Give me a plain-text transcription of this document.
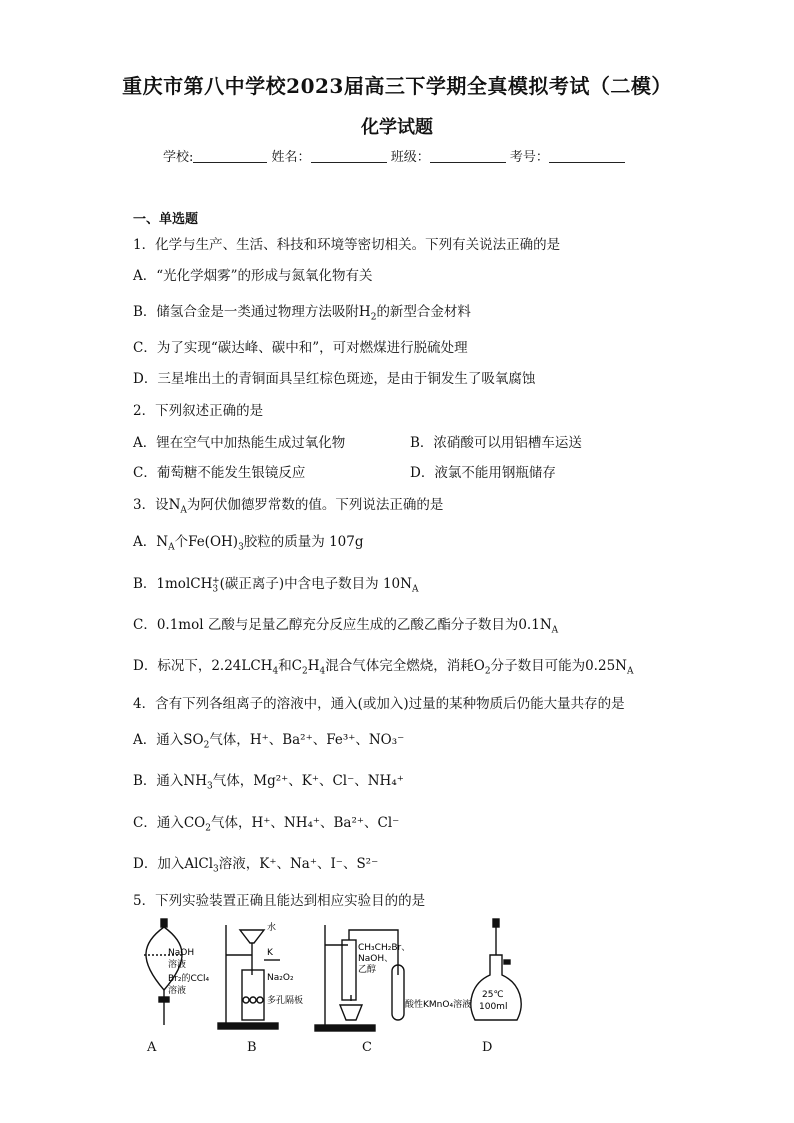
重庆市第八中学校2023届高三下学期全真模拟考试（二模）
化学试题
学校:	姓名：	班级：	考号：
一、单选题
1．化学与生产、生活、科技和环境等密切相关。下列有关说法正确的是
A．“光化学烟雾”的形成与氮氧化物有关
B．储氢合金是一类通过物理方法吸附$H_2$的新型合金材料
C．为了实现“碳达峰、碳中和”，可对燃煤进行脱硫处理
D．三星堆出土的青铜面具呈红棕色斑迹，是由于铜发生了吸氧腐蚀
2．下列叙述正确的是
A．锂在空气中加热能生成过氧化物	B．浓硝酸可以用铝槽车运送
C．葡萄糖不能发生银镜反应	D．液氯不能用钢瓶储存
3．设$N_A$为阿伏伽德罗常数的值。下列说法正确的是
A．$N_A$个$Fe(OH)_3$胶粒的质量为 107g
B．1molCH$_3$+(碳正离子)中含电子数目为 $10N_A$
C．0.1mol 乙酸与足量乙醇充分反应生成的乙酸乙酯分子数目为$0.1N_A$
D．标况下，$2.24LCH_4$和$C_2H_4$混合气体完全燃烧，消耗$O_2$分子数目可能为$0.25N_A$
4．含有下列各组离子的溶液中，通入(或加入)过量的某种物质后仍能大量共存的是
A．通入$SO_2$气体，H⁺、Ba²⁺、Fe³⁺、NO₃⁻
B．通入$NH_3$气体，Mg²⁺、K⁺、Cl⁻、NH₄⁺
C．通入$CO_2$气体，H⁺、NH₄⁺、Ba²⁺、Cl⁻
D．加入AlCl$_3$溶液，K⁺、Na⁺、I⁻、S²⁻
5．下列实验装置正确且能达到相应实验目的的是
NaOH
溶液
Br₂的CCl₄
溶液
水
K
Na₂O₂
多孔隔板
CH₃CH₂Br、
NaOH、
乙醇
酸性KMnO₄溶液
25℃
100ml
A	B	C	D
